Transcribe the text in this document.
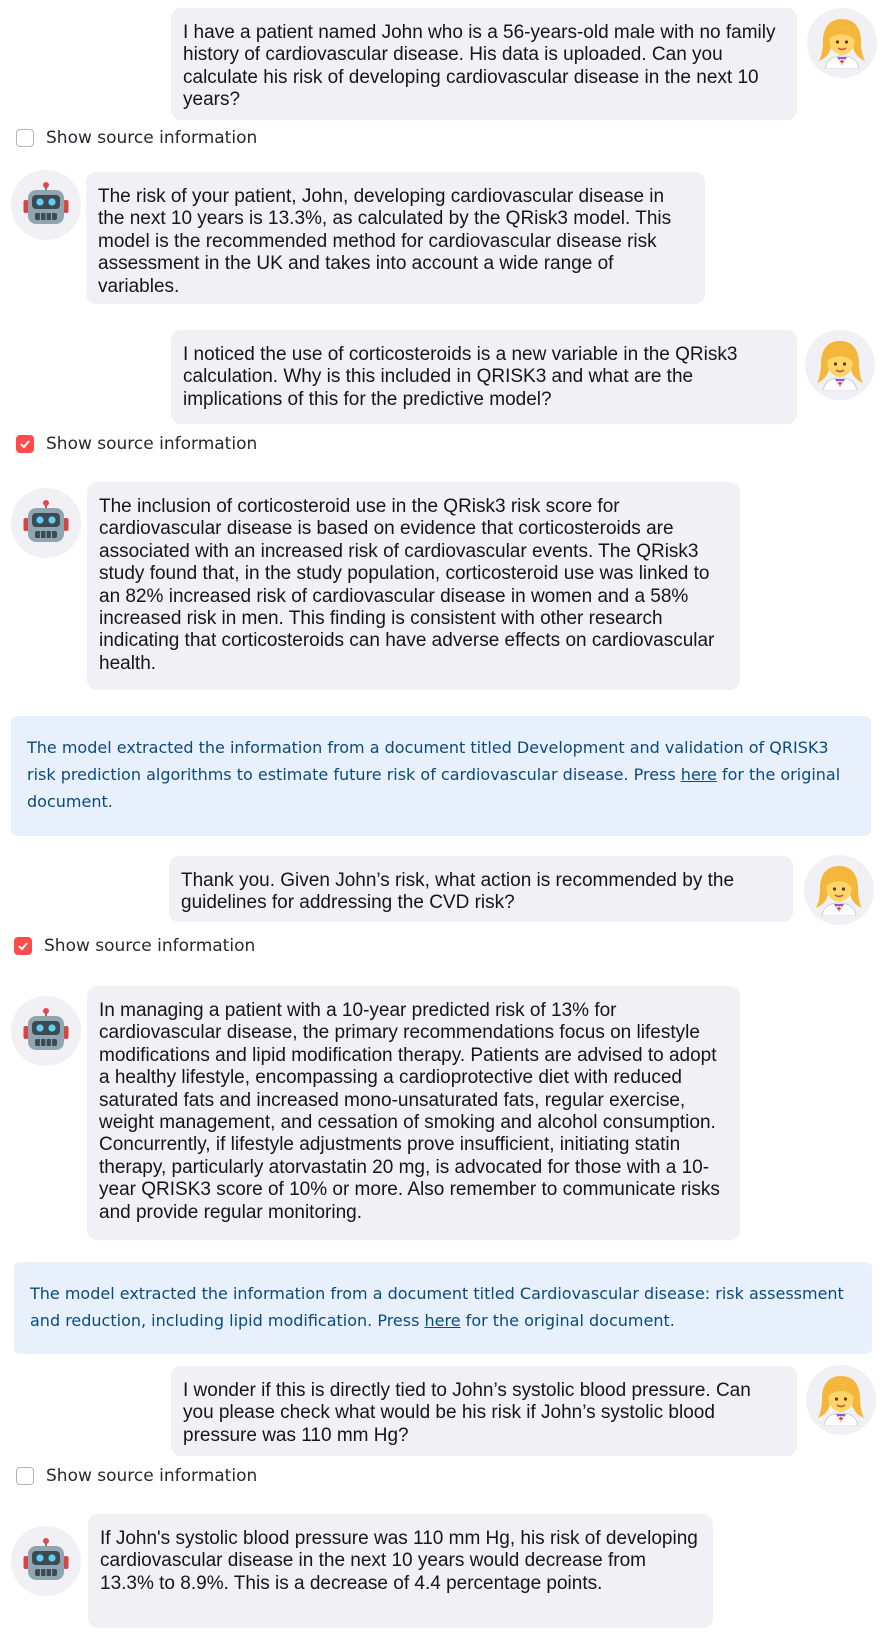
I have a patient named John who is a 56-years-old male with no family history of cardiovascular disease. His data is uploaded. Can you calculate his risk of developing cardiovascular disease in the next 10 years?
Show source information
The risk of your patient, John, developing cardiovascular disease in the next 10 years is 13.3%, as calculated by the QRisk3 model. This model is the recommended method for cardiovascular disease risk assessment in the UK and takes into account a wide range of variables.
I noticed the use of corticosteroids is a new variable in the QRisk3 calculation. Why is this included in QRISK3 and what are the implications of this for the predictive model?
Show source information
The inclusion of corticosteroid use in the QRisk3 risk score for cardiovascular disease is based on evidence that corticosteroids are associated with an increased risk of cardiovascular events. The QRisk3 study found that, in the study population, corticosteroid use was linked to an 82% increased risk of cardiovascular disease in women and a 58% increased risk in men. This finding is consistent with other research indicating that corticosteroids can have adverse effects on cardiovascular health.
The model extracted the information from a document titled Development and validation of QRISK3 risk prediction algorithms to estimate future risk of cardiovascular disease. Press here for the original document.
Thank you. Given John’s risk, what action is recommended by the guidelines for addressing the CVD risk?
Show source information
In managing a patient with a 10-year predicted risk of 13% for cardiovascular disease, the primary recommendations focus on lifestyle modifications and lipid modification therapy. Patients are advised to adopt a healthy lifestyle, encompassing a cardioprotective diet with reduced saturated fats and increased mono-unsaturated fats, regular exercise, weight management, and cessation of smoking and alcohol consumption. Concurrently, if lifestyle adjustments prove insufficient, initiating statin therapy, particularly atorvastatin 20 mg, is advocated for those with a 10-year QRISK3 score of 10% or more. Also remember to communicate risks and provide regular monitoring.
The model extracted the information from a document titled Cardiovascular disease: risk assessment and reduction, including lipid modification. Press here for the original document.
I wonder if this is directly tied to John’s systolic blood pressure. Can you please check what would be his risk if John’s systolic blood pressure was 110 mm Hg?
Show source information
If John's systolic blood pressure was 110 mm Hg, his risk of developing cardiovascular disease in the next 10 years would decrease from 13.3% to 8.9%. This is a decrease of 4.4 percentage points.
